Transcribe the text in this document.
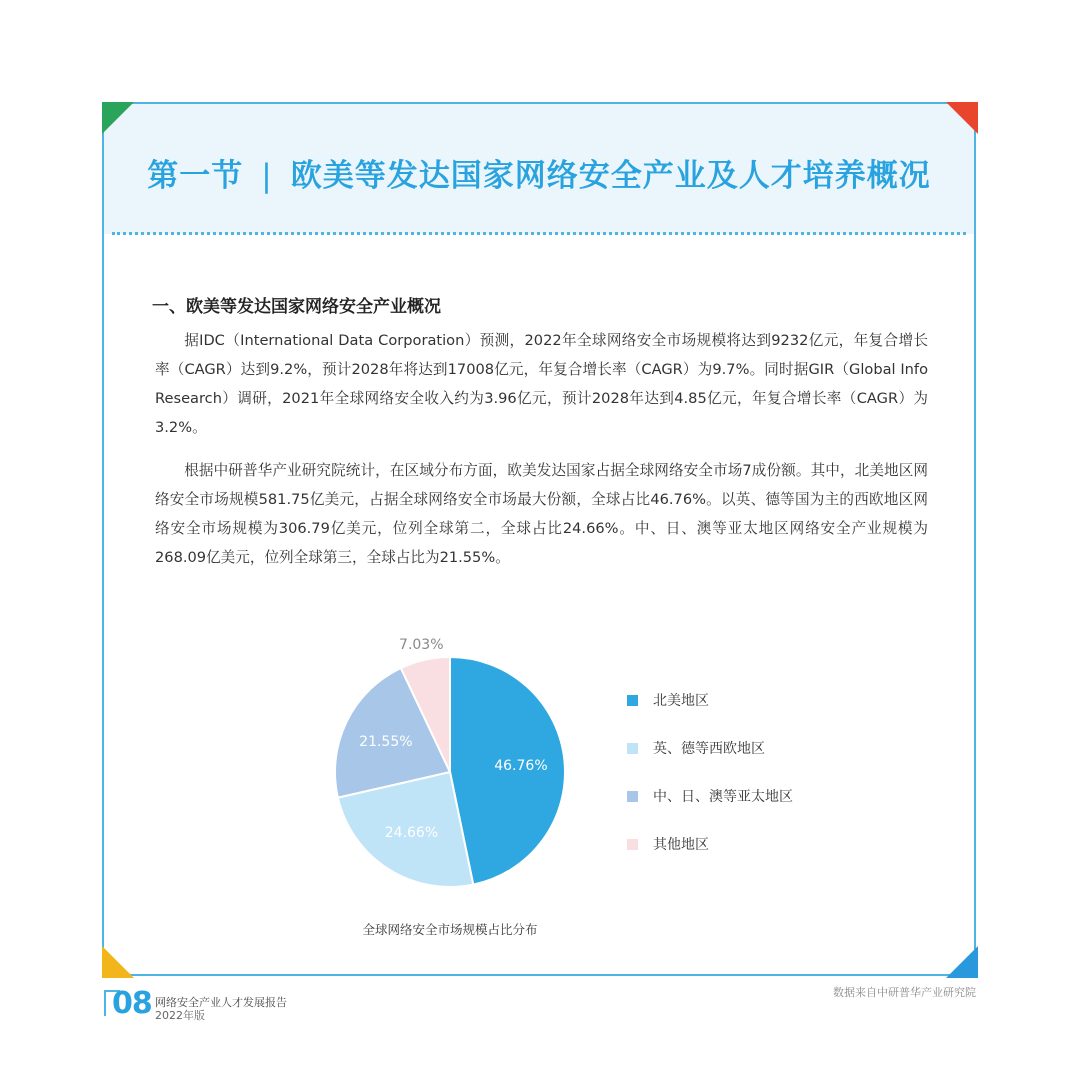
第一节 | 欧美等发达国家网络安全产业及人才培养概况
一、欧美等发达国家网络安全产业概况

据IDC（International Data Corporation）预测，2022年全球网络安全市场规模将达到9232亿元，年复合增长率（CAGR）达到9.2%，预计2028年将达到17008亿元，年复合增长率（CAGR）为9.7%。同时据GIR（Global Info Research）调研，2021年全球网络安全收入约为3.96亿元，预计2028年达到4.85亿元，年复合增长率（CAGR）为3.2%。

根据中研普华产业研究院统计，在区域分布方面，欧美发达国家占据全球网络安全市场7成份额。其中，北美地区网络安全市场规模581.75亿美元，占据全球网络安全市场最大份额，全球占比46.76%。以英、德等国为主的西欧地区网络安全市场规模为306.79亿美元，位列全球第二，全球占比24.66%。中、日、澳等亚太地区网络安全产业规模为268.09亿美元，位列全球第三，全球占比为21.55%。

46.76%
24.66%
21.55%
7.03%
北美地区
英、德等西欧地区
中、日、澳等亚太地区
其他地区
全球网络安全市场规模占比分布
数据来自中研普华产业研究院
08 网络安全产业人才发展报告
2022年版
